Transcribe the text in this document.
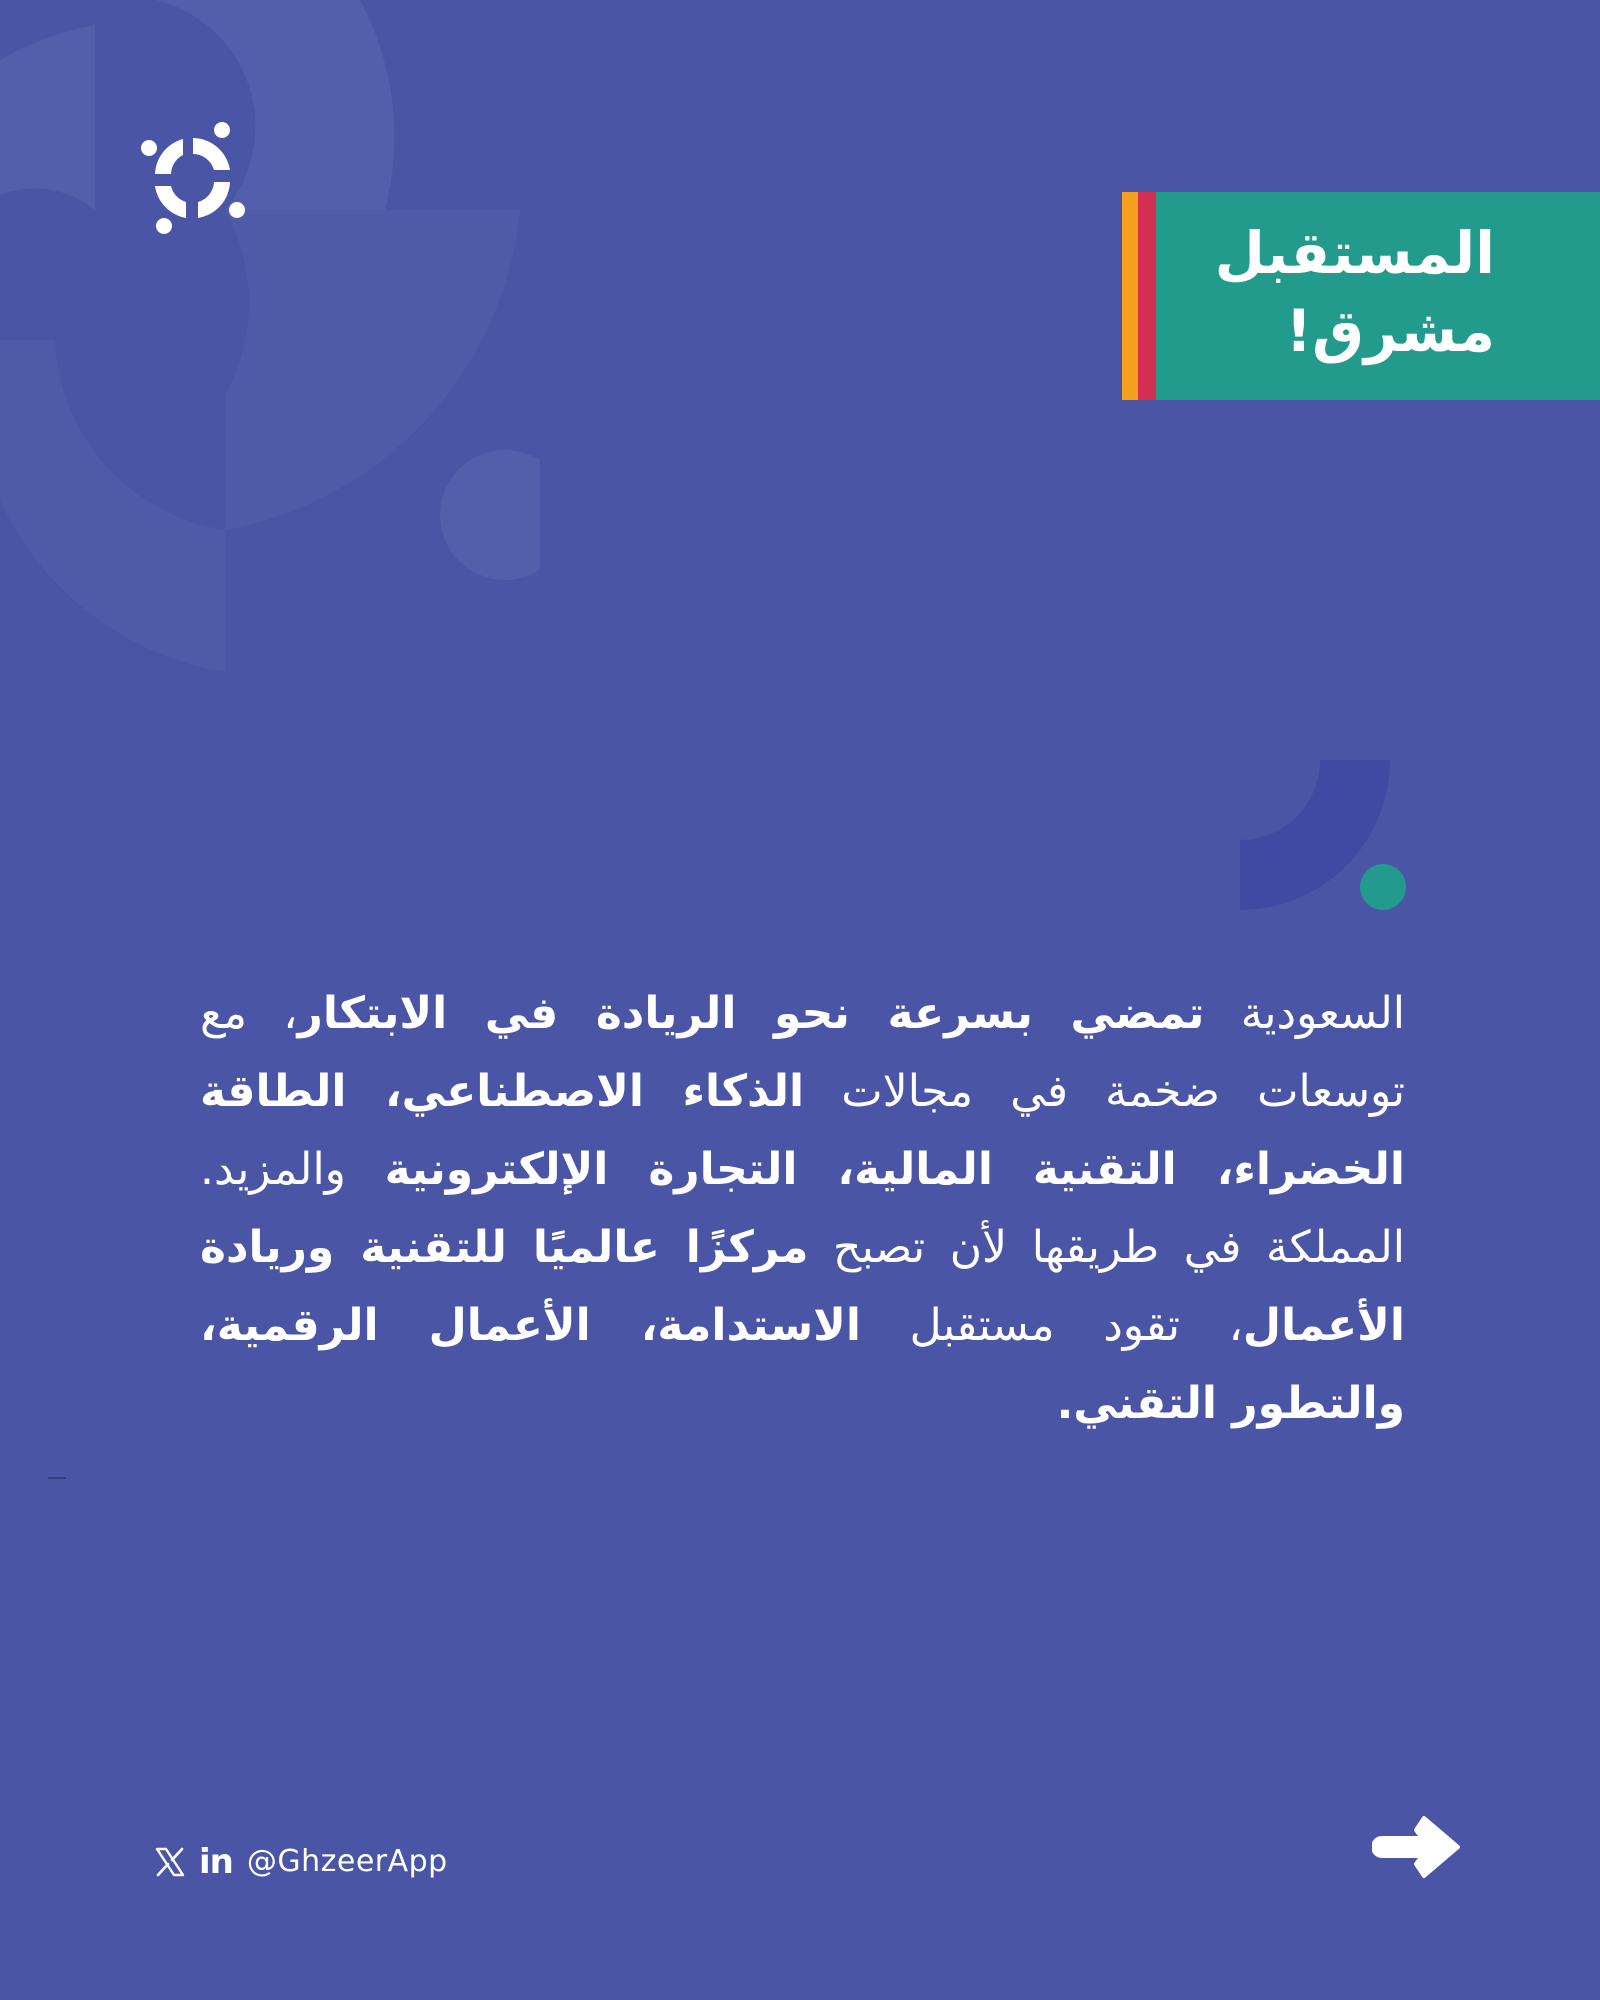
المستقبل
مشرق!

السعودية تمضي بسرعة نحو الريادة في الابتكار، مع توسعات ضخمة في مجالات الذكاء الاصطناعي، الطاقة الخضراء، التقنية المالية، التجارة الإلكترونية والمزيد. المملكة في طريقها لأن تصبح مركزًا عالميًا للتقنية وريادة الأعمال، تقود مستقبل الاستدامة، الأعمال الرقمية، والتطور التقني.

in @GhzeerApp
